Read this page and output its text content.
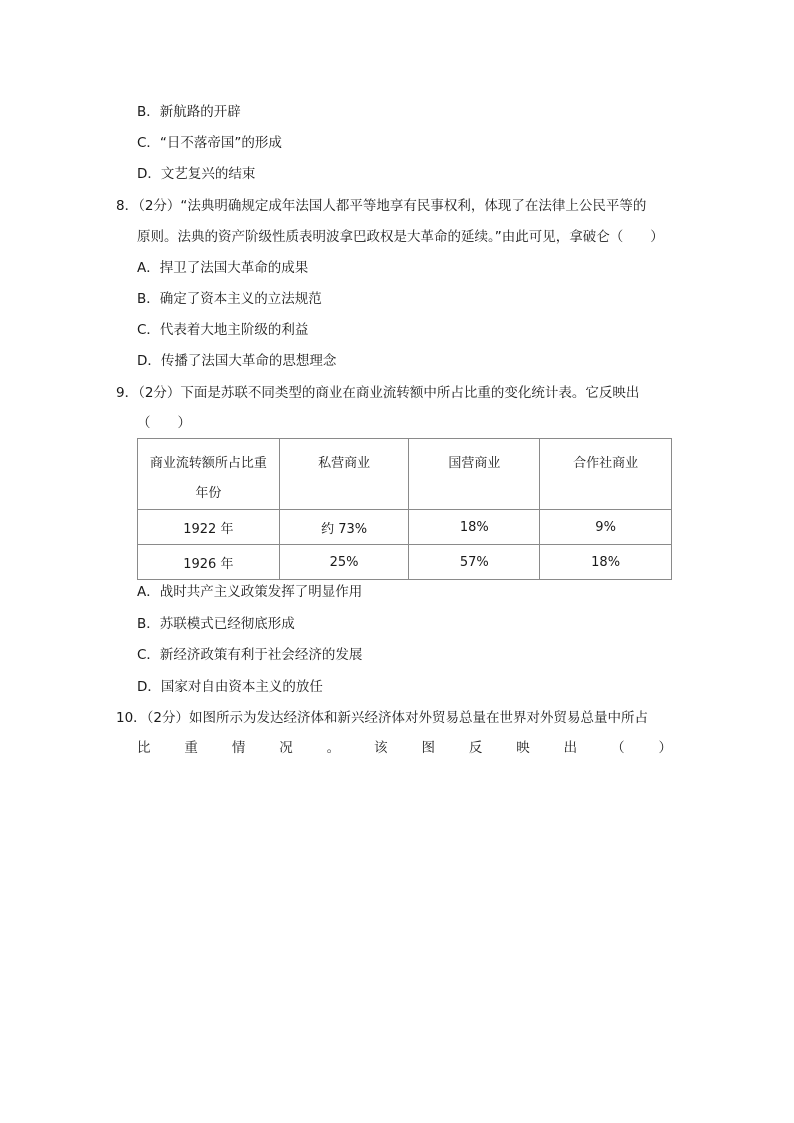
B．新航路的开辟
C．“日不落帝国”的形成
D．文艺复兴的结束
8．（2分）“法典明确规定成年法国人都平等地享有民事权利，体现了在法律上公民平等的
原则。法典的资产阶级性质表明波拿巴政权是大革命的延续。”由此可见，拿破仑（　　）
A．捍卫了法国大革命的成果
B．确定了资本主义的立法规范
C．代表着大地主阶级的利益
D．传播了法国大革命的思想理念
9．（2分）下面是苏联不同类型的商业在商业流转额中所占比重的变化统计表。它反映出
（　　）
商业流转额所占比重
年份	私营商业	国营商业	合作社商业

1922 年	约 73%	18%	9%
1926 年	25%	57%	18%
A．战时共产主义政策发挥了明显作用
B．苏联模式已经彻底形成
C．新经济政策有利于社会经济的发展
D．国家对自由资本主义的放任
10．（2分）如图所示为发达经济体和新兴经济体对外贸易总量在世界对外贸易总量中所占
比	重	情	况	。	该	图	反	映	出	（	）
